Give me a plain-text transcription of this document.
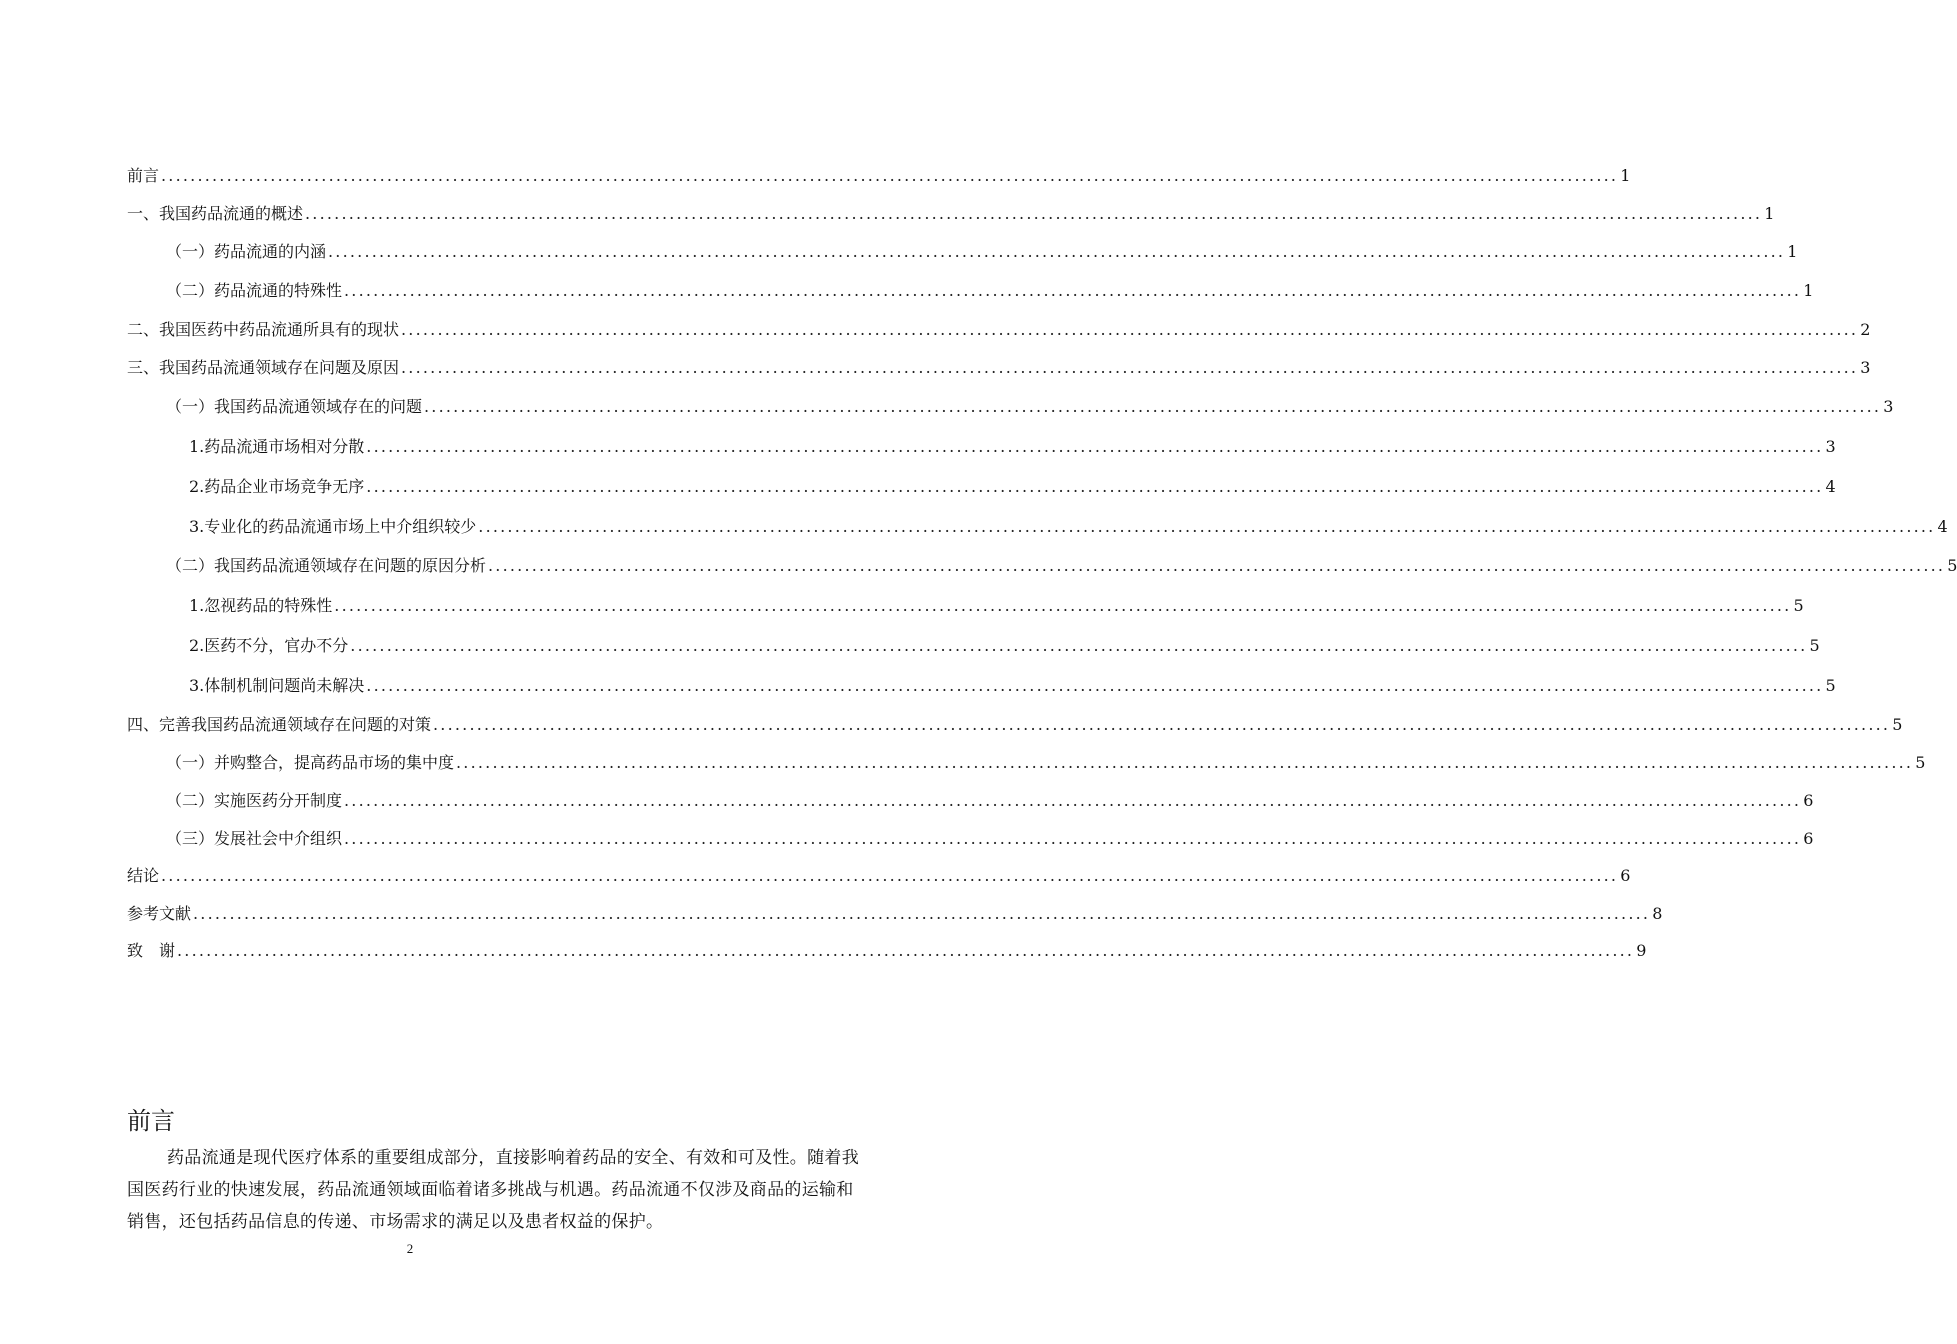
前言 ........................................................................................................................................................................................................ 1
一、我国药品流通的概述 ........................................................................................................................................................................................................ 1
（一）药品流通的内涵 ........................................................................................................................................................................................................ 1
（二）药品流通的特殊性 ........................................................................................................................................................................................................ 1
二、我国医药中药品流通所具有的现状 ........................................................................................................................................................................................................ 2
三、我国药品流通领域存在问题及原因 ........................................................................................................................................................................................................ 3
（一）我国药品流通领域存在的问题 ........................................................................................................................................................................................................ 3
1.药品流通市场相对分散 ........................................................................................................................................................................................................ 3
2.药品企业市场竞争无序 ........................................................................................................................................................................................................ 4
3.专业化的药品流通市场上中介组织较少 ........................................................................................................................................................................................................ 4
（二）我国药品流通领域存在问题的原因分析 ........................................................................................................................................................................................................ 5
1.忽视药品的特殊性 ........................................................................................................................................................................................................ 5
2.医药不分，官办不分 ........................................................................................................................................................................................................ 5
3.体制机制问题尚未解决 ........................................................................................................................................................................................................ 5
四、完善我国药品流通领域存在问题的对策 ........................................................................................................................................................................................................ 5
（一）并购整合，提高药品市场的集中度 ........................................................................................................................................................................................................ 5
（二）实施医药分开制度 ........................................................................................................................................................................................................ 6
（三）发展社会中介组织 ........................................................................................................................................................................................................ 6
结论 ........................................................................................................................................................................................................ 6
参考文献 ........................................................................................................................................................................................................ 8
致　谢 ........................................................................................................................................................................................................ 9
前言

药品流通是现代医疗体系的重要组成部分，直接影响着药品的安全、有效和可及性。随着我国医药行业的快速发展，药品流通领域面临着诸多挑战与机遇。药品流通不仅涉及商品的运输和销售，还包括药品信息的传递、市场需求的满足以及患者权益的保护。

2
